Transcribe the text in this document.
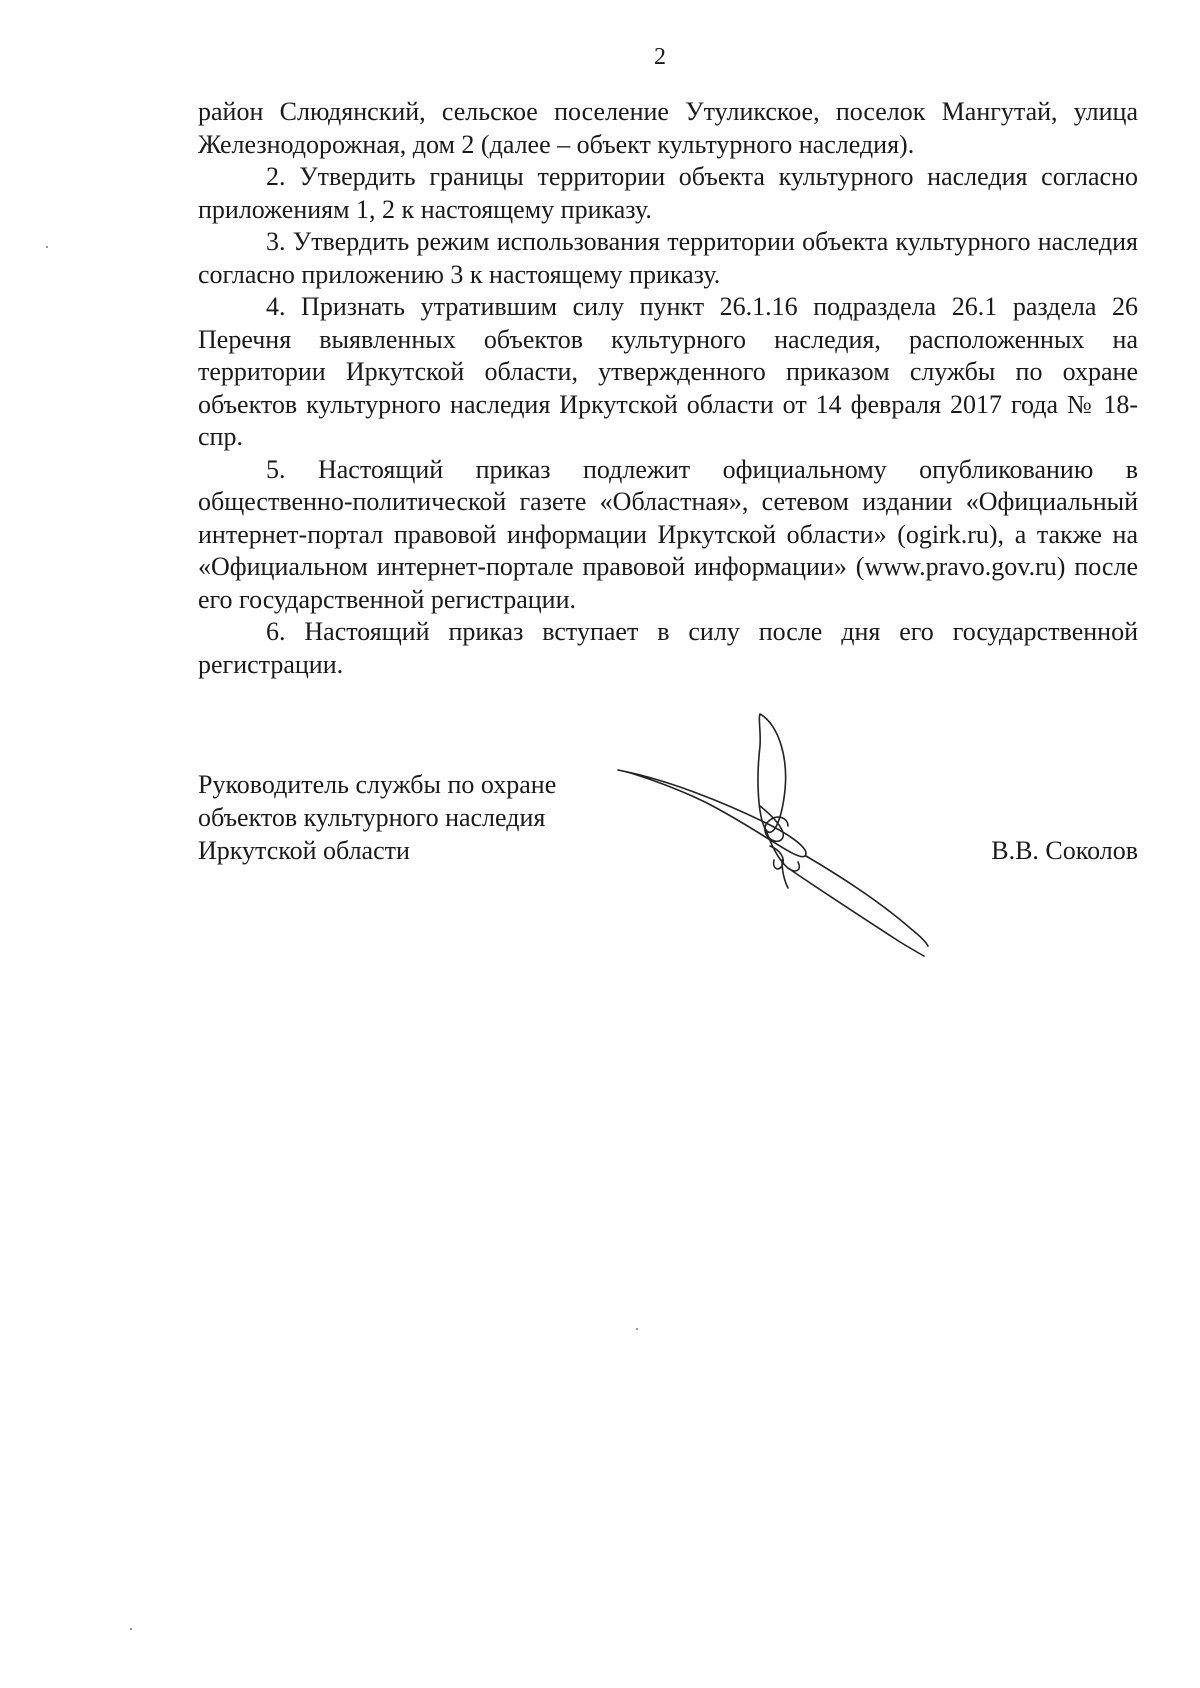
2

район Слюдянский, сельское поселение Утуликское, поселок Мангутай, улица Железнодорожная, дом 2 (далее – объект культурного наследия).

2. Утвердить границы территории объекта культурного наследия согласно приложениям 1, 2 к настоящему приказу.

3. Утвердить режим использования территории объекта культурного наследия согласно приложению 3 к настоящему приказу.

4. Признать утратившим силу пункт 26.1.16 подраздела 26.1 раздела 26 Перечня выявленных объектов культурного наследия, расположенных на территории Иркутской области, утвержденного приказом службы по охране объектов культурного наследия Иркутской области от 14 февраля 2017 года № 18-спр.

5. Настоящий приказ подлежит официальному опубликованию в общественно-политической газете «Областная», сетевом издании «Официальный интернет-портал правовой информации Иркутской области» (ogirk.ru), а также на «Официальном интернет-портале правовой информации» (www.pravo.gov.ru) после его государственной регистрации.

6. Настоящий приказ вступает в силу после дня его государственной регистрации.

Руководитель службы по охране
объектов культурного наследия
Иркутской области	В.В. Соколов
